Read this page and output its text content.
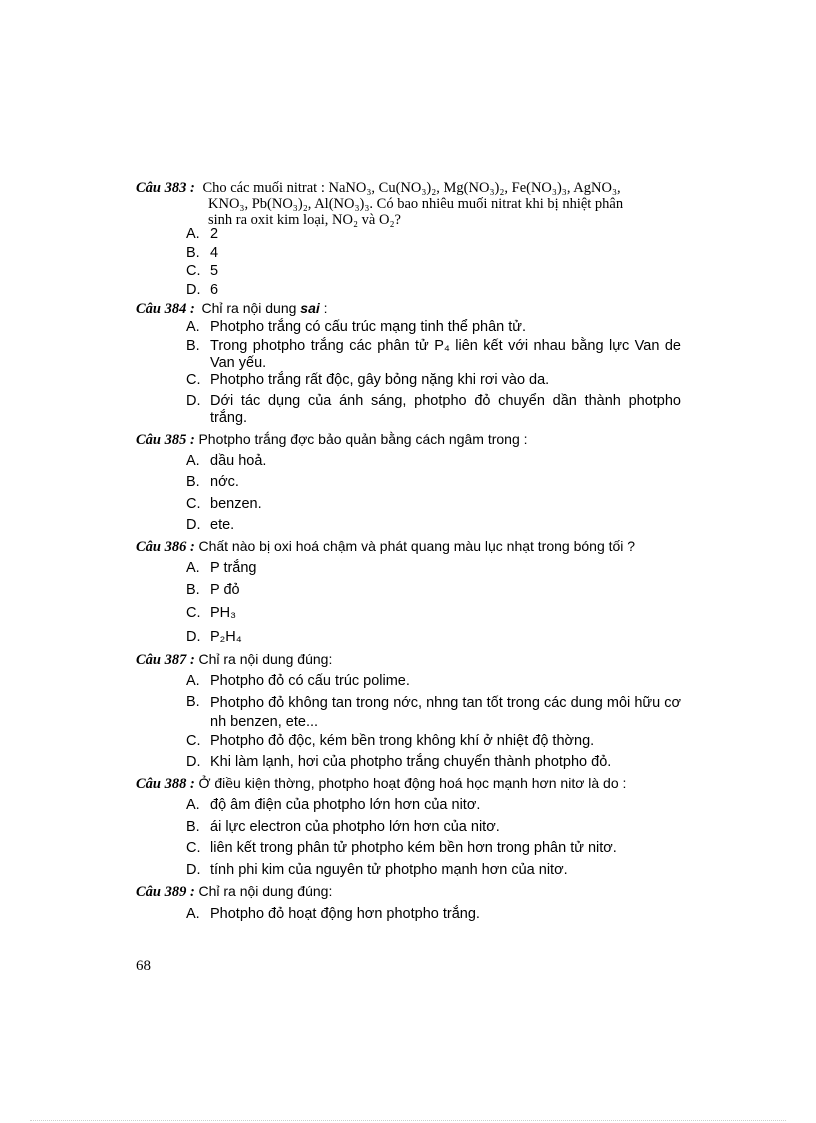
Câu 383 : Cho các muối nitrat : NaNO₃, Cu(NO₃)₂, Mg(NO₃)₂, Fe(NO₃)₃, AgNO₃,
KNO₃, Pb(NO₃)₂, Al(NO₃)₃. Có bao nhiêu muối nitrat khi bị nhiệt phân
sinh ra oxit kim loại, NO₂ và O₂?
A. 2
B. 4
C. 5
D. 6
Câu 384 : Chỉ ra nội dung sai :
A. Photpho trắng có cấu trúc mạng tinh thể phân tử.
B. Trong photpho trắng các phân tử P₄ liên kết với nhau bằng lực Van de Van yếu.
C. Photpho trắng rất độc, gây bỏng nặng khi rơi vào da.
D. Dới tác dụng của ánh sáng, photpho đỏ chuyển dần thành photpho trắng.
Câu 385 : Photpho trắng đợc bảo quản bằng cách ngâm trong :
A. dầu hoả.
B. nớc.
C. benzen.
D. ete.
Câu 386 : Chất nào bị oxi hoá chậm và phát quang màu lục nhạt trong bóng tối ?
A. P trắng
B. P đỏ
C. PH₃
D. P₂H₄
Câu 387 : Chỉ ra nội dung đúng:
A. Photpho đỏ có cấu trúc polime.
B. Photpho đỏ không tan trong nớc, nhng tan tốt trong các dung môi hữu cơ nh benzen, ete...
C. Photpho đỏ độc, kém bền trong không khí ở nhiệt độ thờng.
D. Khi làm lạnh, hơi của photpho trắng chuyển thành photpho đỏ.
Câu 388 : Ở điều kiện thờng, photpho hoạt động hoá học mạnh hơn nitơ là do :
A. độ âm điện của photpho lớn hơn của nitơ.
B. ái lực electron của photpho lớn hơn của nitơ.
C. liên kết trong phân tử photpho kém bền hơn trong phân tử nitơ.
D. tính phi kim của nguyên tử photpho mạnh hơn của nitơ.
Câu 389 : Chỉ ra nội dung đúng:
A. Photpho đỏ hoạt động hơn photpho trắng.
68
